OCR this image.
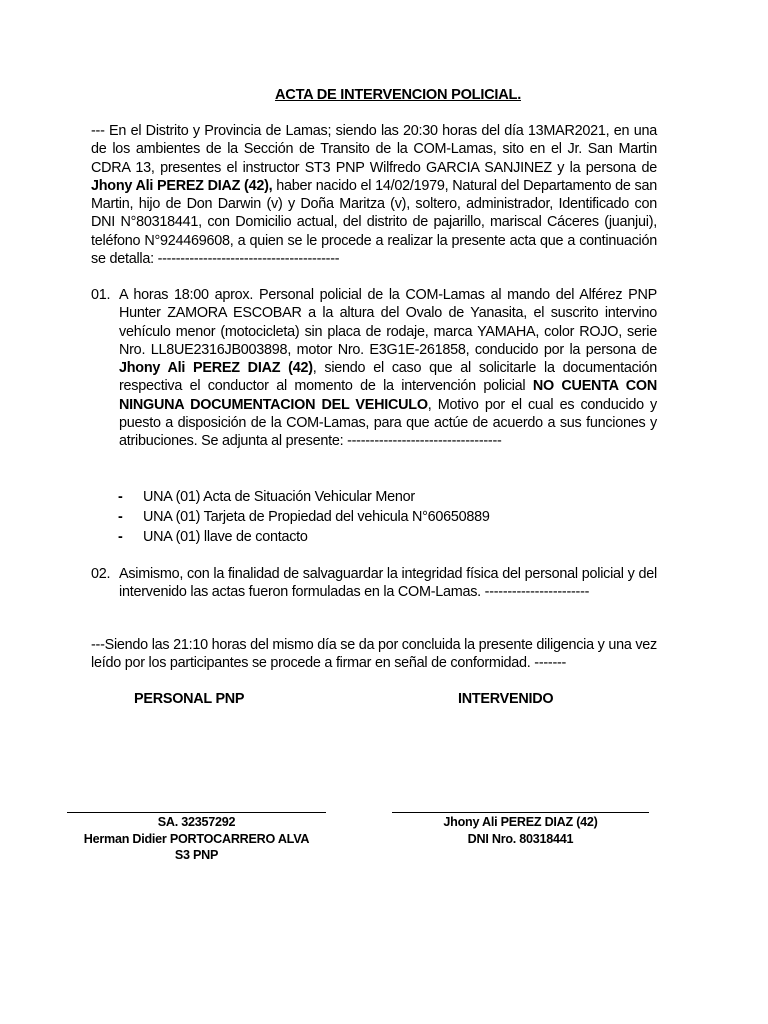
ACTA DE INTERVENCION POLICIAL.
--- En el Distrito y Provincia de Lamas; siendo las 20:30 horas del día 13MAR2021, en una de los ambientes de la Sección de Transito de la COM-Lamas, sito en el Jr. San Martin CDRA 13, presentes el instructor ST3 PNP Wilfredo GARCIA SANJINEZ y la persona de Jhony Ali PEREZ DIAZ (42), haber nacido el 14/02/1979, Natural del Departamento de san Martin, hijo de Don Darwin (v) y Doña Maritza (v), soltero, administrador, Identificado con DNI N°80318441, con Domicilio actual, del distrito de pajarillo, mariscal Cáceres (juanjui), teléfono N°924469608, a quien se le procede a realizar la presente acta que a continuación se detalla: ----------------------------------------
01. A horas 18:00 aprox. Personal policial de la COM-Lamas al mando del Alférez PNP Hunter ZAMORA ESCOBAR a la altura del Ovalo de Yanasita, el suscrito intervino vehículo menor (motocicleta) sin placa de rodaje, marca YAMAHA, color ROJO, serie Nro. LL8UE2316JB003898, motor Nro. E3G1E-261858, conducido por la persona de Jhony Ali PEREZ DIAZ (42), siendo el caso que al solicitarle la documentación respectiva el conductor al momento de la intervención policial NO CUENTA CON NINGUNA DOCUMENTACION DEL VEHICULO, Motivo por el cual es conducido y puesto a disposición de la COM-Lamas, para que actúe de acuerdo a sus funciones y atribuciones. Se adjunta al presente: ----------------------------------
- UNA (01) Acta de Situación Vehicular Menor
- UNA (01) Tarjeta de Propiedad del vehicula N°60650889
- UNA (01) llave de contacto
02. Asimismo, con la finalidad de salvaguardar la integridad física del personal policial y del intervenido las actas fueron formuladas en la COM-Lamas. -----------------------
---Siendo las 21:10 horas del mismo día se da por concluida la presente diligencia y una vez leído por los participantes se procede a firmar en señal de conformidad. -------
PERSONAL PNP	INTERVENIDO
SA. 32357292
Herman Didier PORTOCARRERO ALVA
S3 PNP
Jhony Ali PEREZ DIAZ (42)
DNI Nro. 80318441
